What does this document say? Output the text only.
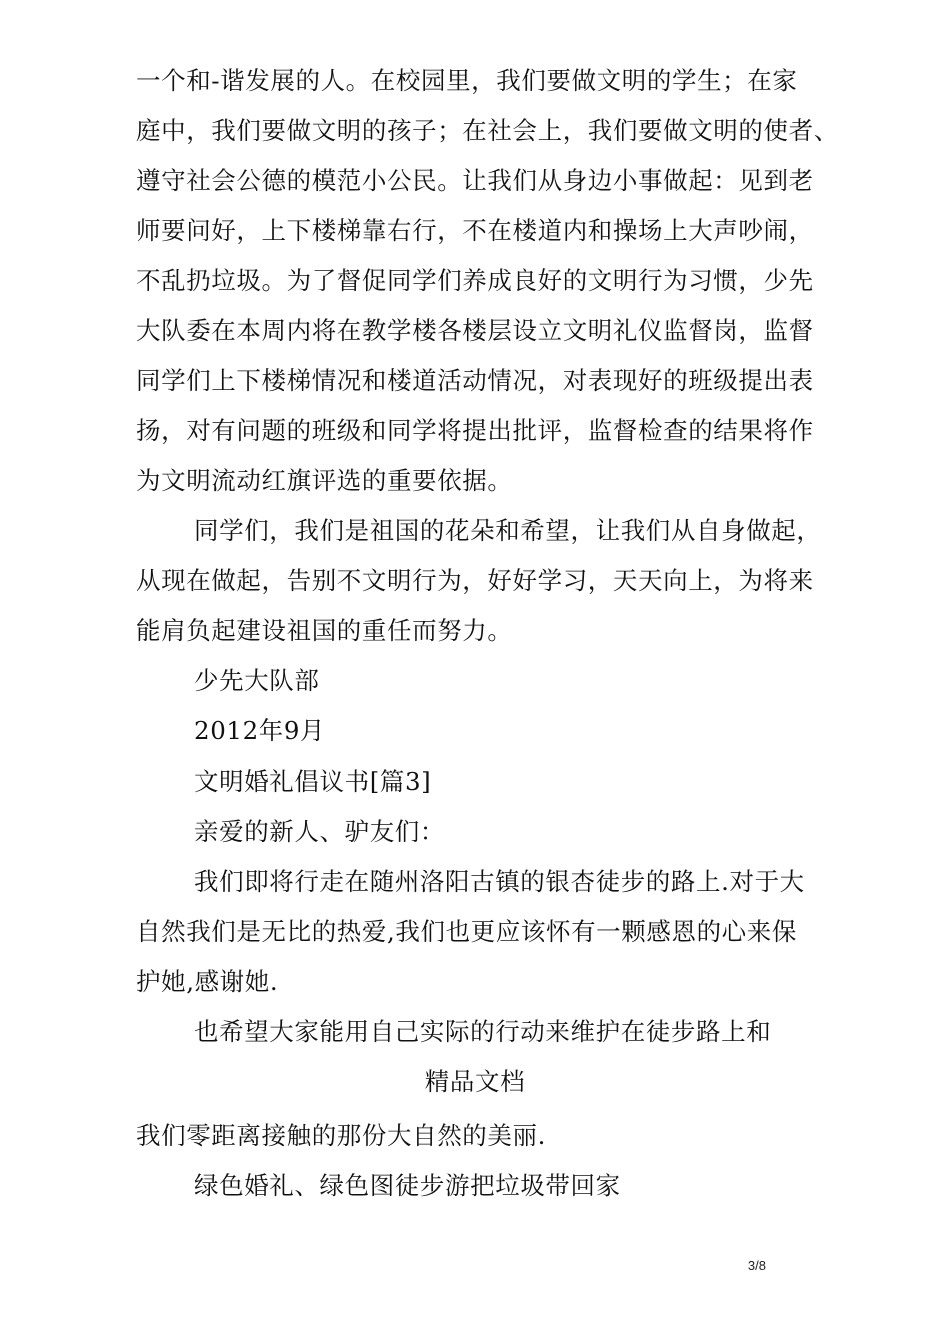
一个和-谐发展的人。在校园里，我们要做文明的学生；在家
庭中，我们要做文明的孩子；在社会上，我们要做文明的使者、
遵守社会公德的模范小公民。让我们从身边小事做起：见到老
师要问好，上下楼梯靠右行，不在楼道内和操场上大声吵闹，
不乱扔垃圾。为了督促同学们养成良好的文明行为习惯，少先
大队委在本周内将在教学楼各楼层设立文明礼仪监督岗，监督
同学们上下楼梯情况和楼道活动情况，对表现好的班级提出表
扬，对有问题的班级和同学将提出批评，监督检查的结果将作
为文明流动红旗评选的重要依据。
同学们，我们是祖国的花朵和希望，让我们从自身做起，
从现在做起，告别不文明行为，好好学习，天天向上，为将来
能肩负起建设祖国的重任而努力。
少先大队部
2012年9月
文明婚礼倡议书[篇3]
亲爱的新人、驴友们：
我们即将行走在随州洛阳古镇的银杏徒步的路上.对于大
自然我们是无比的热爱,我们也更应该怀有一颗感恩的心来保
护她,感谢她.
也希望大家能用自己实际的行动来维护在徒步路上和
精品文档
我们零距离接触的那份大自然的美丽.
绿色婚礼、绿色图徒步游把垃圾带回家
3/8
